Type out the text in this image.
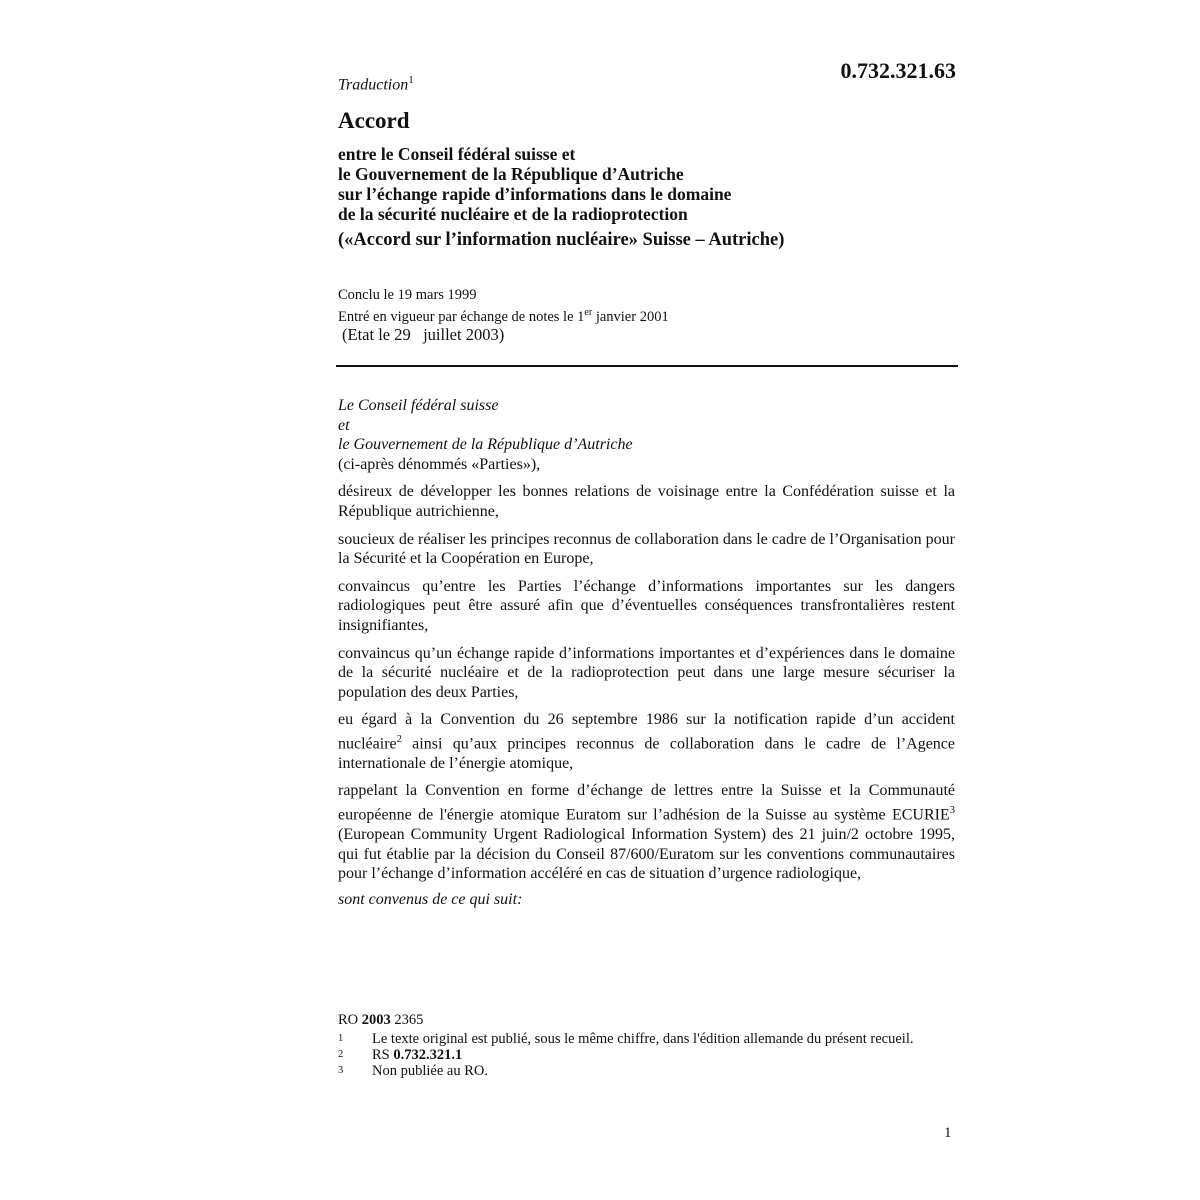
0.732.321.63
Traduction$^1$
Accord
entre le Conseil fédéral suisse et
le Gouvernement de la République d’Autriche
sur l’échange rapide d’informations dans le domaine
de la sécurité nucléaire et de la radioprotection
(«Accord sur l’information nucléaire» Suisse – Autriche)
Conclu le 19 mars 1999
Entré en vigueur par échange de notes le 1er janvier 2001
(Etat le 29   juillet 2003)
Le Conseil fédéral suisse
et
le Gouvernement de la République d’Autriche
(ci-après dénommés «Parties»),
désireux de développer les bonnes relations de voisinage entre la Confédération suisse et la République autrichienne,
soucieux de réaliser les principes reconnus de collaboration dans le cadre de l’Organisation pour la Sécurité et la Coopération en Europe,
convaincus qu’entre les Parties l’échange d’informations importantes sur les dangers radiologiques peut être assuré afin que d’éventuelles conséquences transfrontalières restent insignifiantes,
convaincus qu’un échange rapide d’informations importantes et d’expériences dans le domaine de la sécurité nucléaire et de la radioprotection peut dans une large mesure sécuriser la population des deux Parties,
eu égard à la Convention du 26 septembre 1986 sur la notification rapide d’un accident nucléaire$^2$ ainsi qu’aux principes reconnus de collaboration dans le cadre de l’Agence internationale de l’énergie atomique,
rappelant la Convention en forme d’échange de lettres entre la Suisse et la Communauté européenne de l'énergie atomique Euratom sur l’adhésion de la Suisse au système ECURIE$^3$ (European Community Urgent Radiological Information System) des 21 juin/2 octobre 1995, qui fut établie par la décision du Conseil 87/600/Euratom sur les conventions communautaires pour l’échange d’information accéléré en cas de situation d’urgence radiologique,
sont convenus de ce qui suit:
RO 2003 2365
1	Le texte original est publié, sous le même chiffre, dans l'édition allemande du présent recueil.
2	RS 0.732.321.1
3	Non publiée au RO.
1
